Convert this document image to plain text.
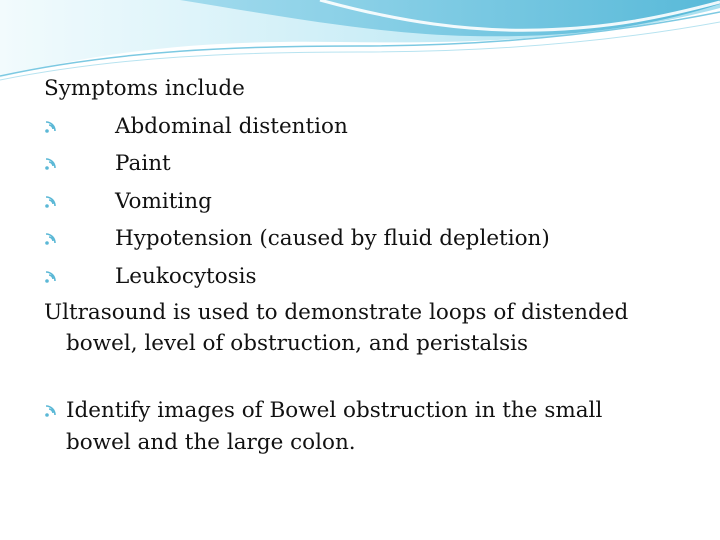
Symptoms include
Abdominal distention
Paint
Vomiting
Hypotension (caused by fluid depletion)
Leukocytosis
Ultrasound is used to demonstrate loops of distended bowel, level of obstruction, and peristalsis
Identify images of Bowel obstruction in the small bowel and the large colon.
